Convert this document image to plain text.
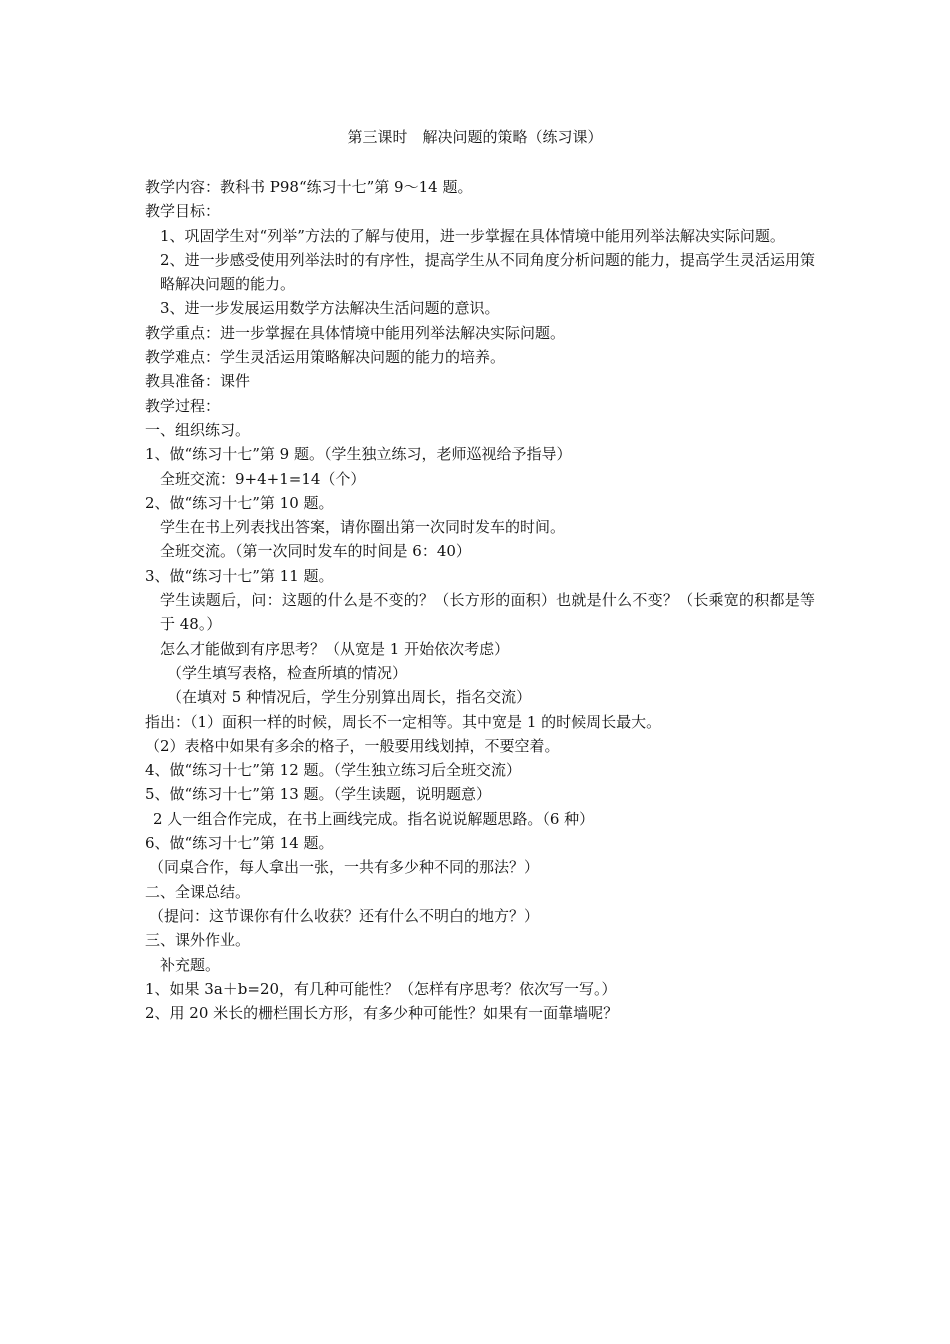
第三课时　解决问题的策略（练习课）

教学内容：教科书 P98“练习十七”第 9～14 题。

教学目标：

1、巩固学生对“列举”方法的了解与使用，进一步掌握在具体情境中能用列举法解决实际问题。

2、进一步感受使用列举法时的有序性，提高学生从不同角度分析问题的能力，提高学生灵活运用策略解决问题的能力。

3、进一步发展运用数学方法解决生活问题的意识。

教学重点：进一步掌握在具体情境中能用列举法解决实际问题。

教学难点：学生灵活运用策略解决问题的能力的培养。

教具准备：课件

教学过程：

一、组织练习。

1、做“练习十七”第 9 题。（学生独立练习，老师巡视给予指导）

全班交流：9+4+1=14（个）

2、做“练习十七”第 10 题。

学生在书上列表找出答案，请你圈出第一次同时发车的时间。

全班交流。（第一次同时发车的时间是 6：40）

3、做“练习十七”第 11 题。

学生读题后，问：这题的什么是不变的？（长方形的面积）也就是什么不变？（长乘宽的积都是等于 48。）

怎么才能做到有序思考？（从宽是 1 开始依次考虑）

（学生填写表格，检查所填的情况）

（在填对 5 种情况后，学生分别算出周长，指名交流）

指出：（1）面积一样的时候，周长不一定相等。其中宽是 1 的时候周长最大。

（2）表格中如果有多余的格子，一般要用线划掉，不要空着。

4、做“练习十七”第 12 题。（学生独立练习后全班交流）

5、做“练习十七”第 13 题。（学生读题，说明题意）

2 人一组合作完成，在书上画线完成。指名说说解题思路。（6 种）

6、做“练习十七”第 14 题。

（同桌合作，每人拿出一张，一共有多少种不同的那法？）

二、全课总结。

（提问：这节课你有什么收获？还有什么不明白的地方？）

三、课外作业。

补充题。

1、如果 3a＋b=20，有几种可能性？（怎样有序思考？依次写一写。）

2、用 20 米长的栅栏围长方形，有多少种可能性？如果有一面靠墙呢？
